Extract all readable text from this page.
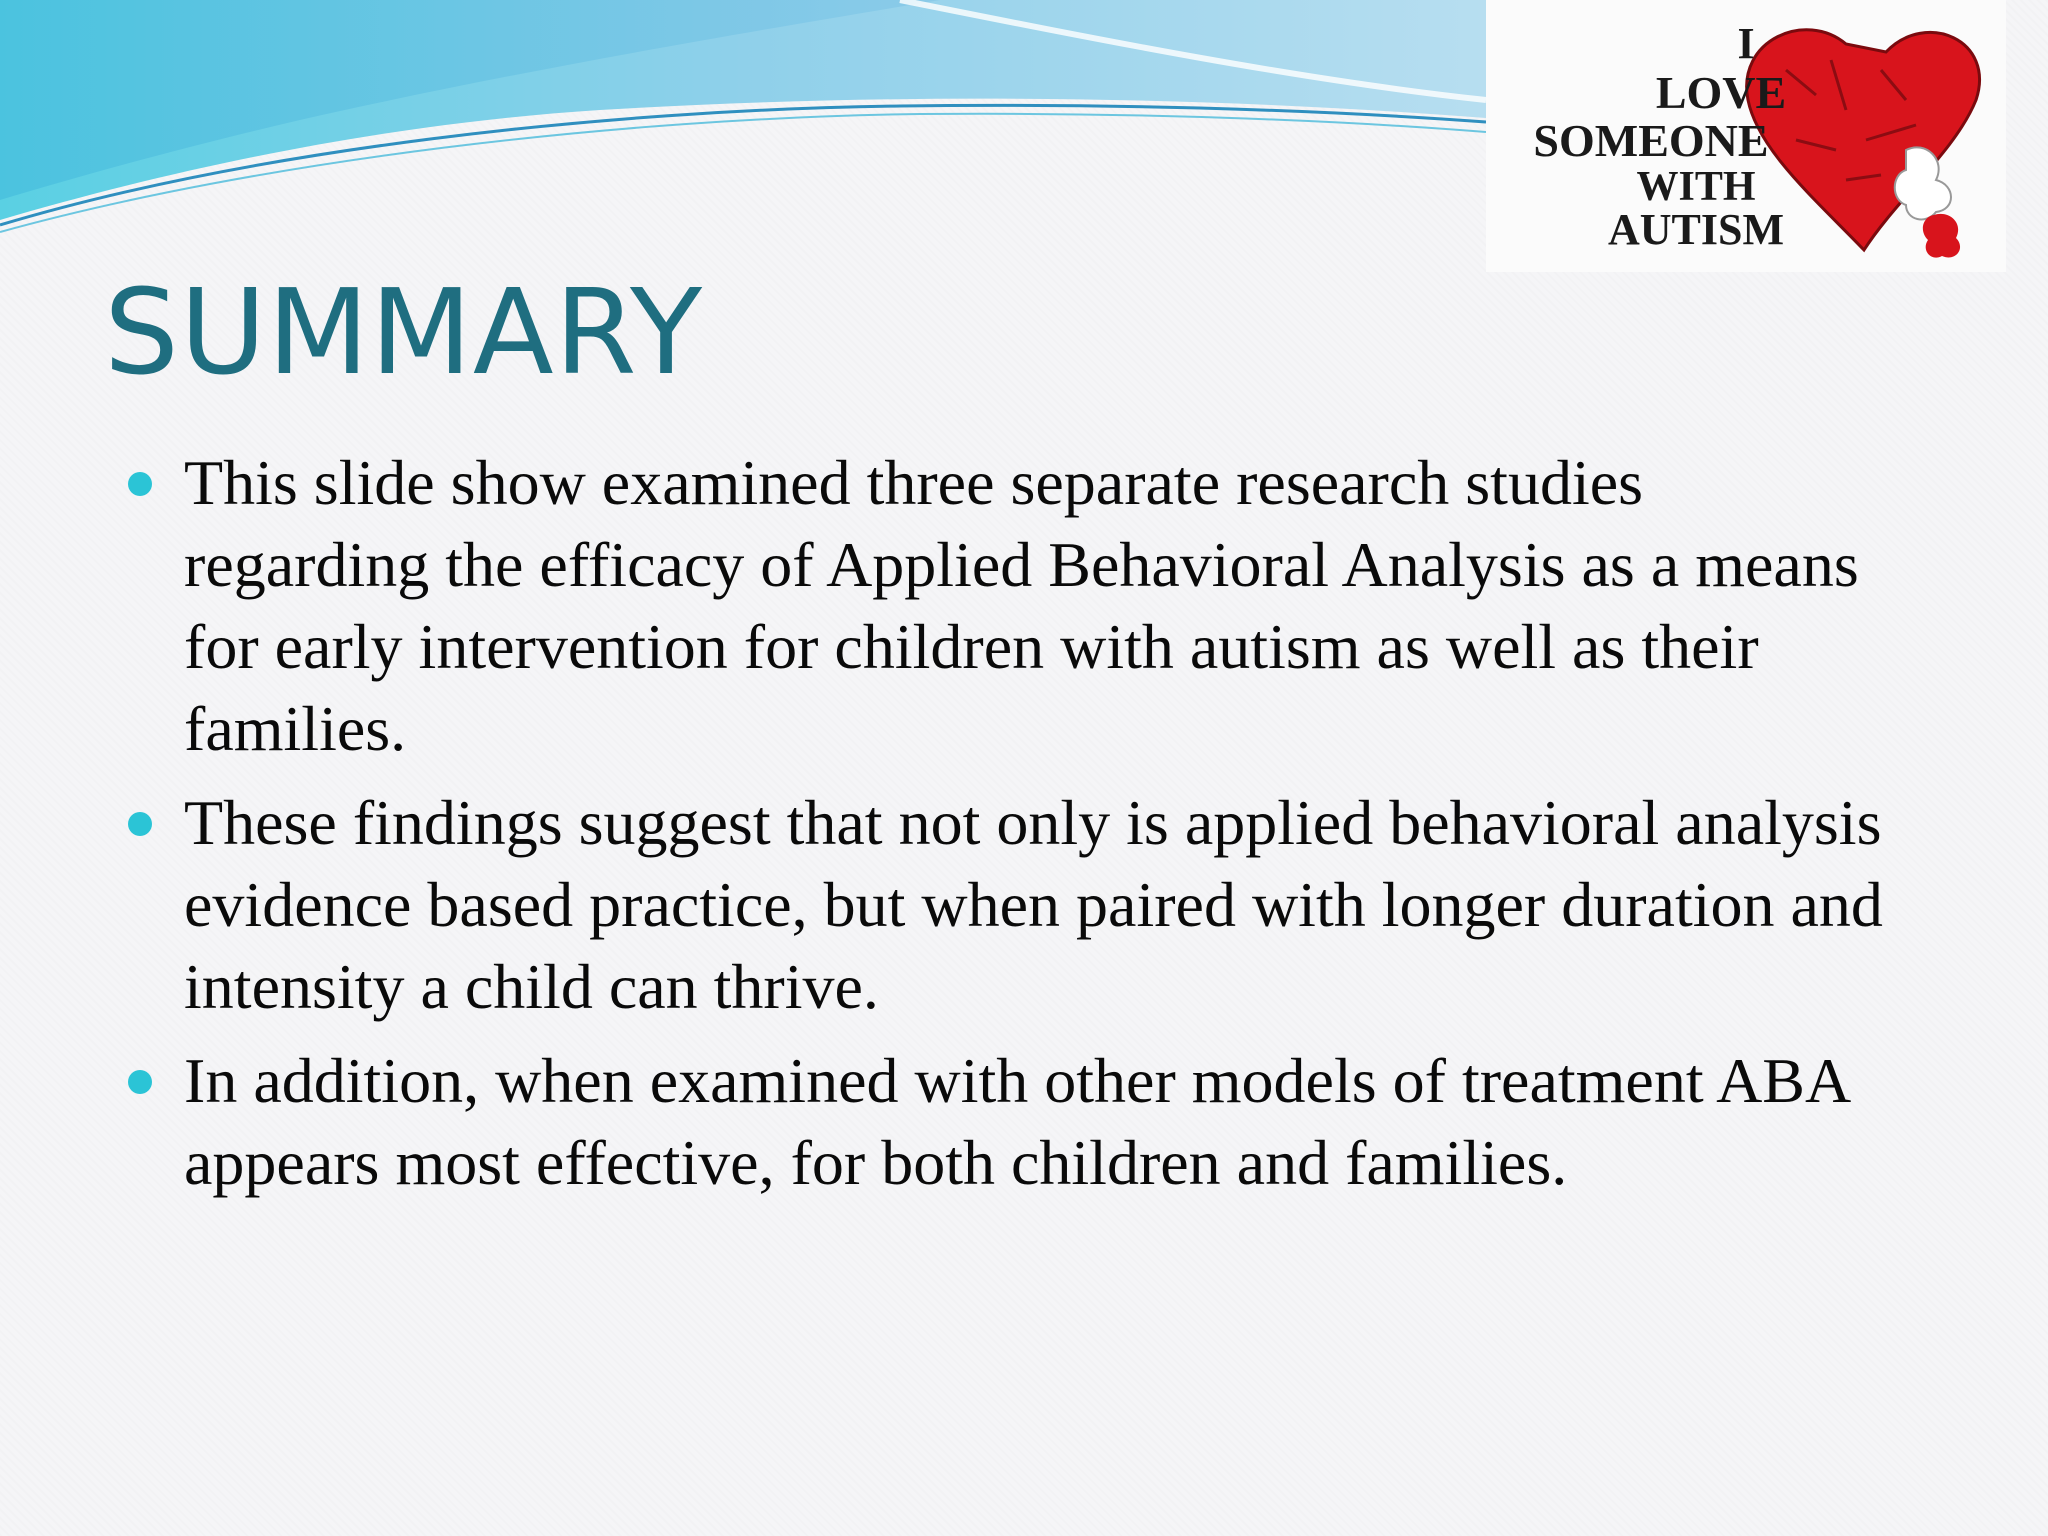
I
LOVE
SOMEONE
WITH
AUTISM
SUMMARY
This slide show examined three separate research studies regarding the efficacy of Applied Behavioral Analysis as a means for early intervention for children with autism as well as their families.
These findings suggest that not only is applied behavioral analysis evidence based practice, but when paired with longer duration and intensity a child can thrive.
In addition, when examined with other models of treatment ABA appears most effective, for both children and families.
